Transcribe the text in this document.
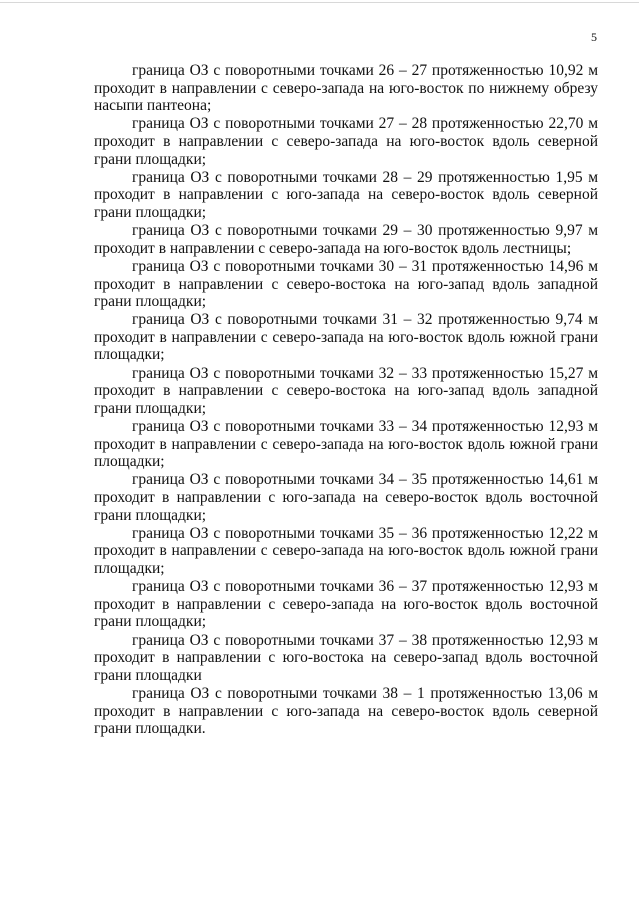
5

граница ОЗ с поворотными точками 26 – 27 протяженностью 10,92 м проходит в направлении с северо-запада на юго-восток по нижнему обрезу насыпи пантеона;

граница ОЗ с поворотными точками 27 – 28 протяженностью 22,70 м проходит в направлении с северо-запада на юго-восток вдоль северной грани площадки;

граница ОЗ с поворотными точками 28 – 29 протяженностью 1,95 м проходит в направлении с юго-запада на северо-восток вдоль северной грани площадки;

граница ОЗ с поворотными точками 29 – 30 протяженностью 9,97 м проходит в направлении с северо-запада на юго-восток вдоль лестницы;

граница ОЗ с поворотными точками 30 – 31 протяженностью 14,96 м проходит в направлении с северо-востока на юго-запад вдоль западной грани площадки;

граница ОЗ с поворотными точками 31 – 32 протяженностью 9,74 м проходит в направлении с северо-запада на юго-восток вдоль южной грани площадки;

граница ОЗ с поворотными точками 32 – 33 протяженностью 15,27 м проходит в направлении с северо-востока на юго-запад вдоль западной грани площадки;

граница ОЗ с поворотными точками 33 – 34 протяженностью 12,93 м проходит в направлении с северо-запада на юго-восток вдоль южной грани площадки;

граница ОЗ с поворотными точками 34 – 35 протяженностью 14,61 м проходит в направлении с юго-запада на северо-восток вдоль восточной грани площадки;

граница ОЗ с поворотными точками 35 – 36 протяженностью 12,22 м проходит в направлении с северо-запада на юго-восток вдоль южной грани площадки;

граница ОЗ с поворотными точками 36 – 37 протяженностью 12,93 м проходит в направлении с северо-запада на юго-восток вдоль восточной грани площадки;

граница ОЗ с поворотными точками 37 – 38 протяженностью 12,93 м проходит в направлении с юго-востока на северо-запад вдоль восточной грани площадки

граница ОЗ с поворотными точками 38 – 1 протяженностью 13,06 м проходит в направлении с юго-запада на северо-восток вдоль северной грани площадки.
